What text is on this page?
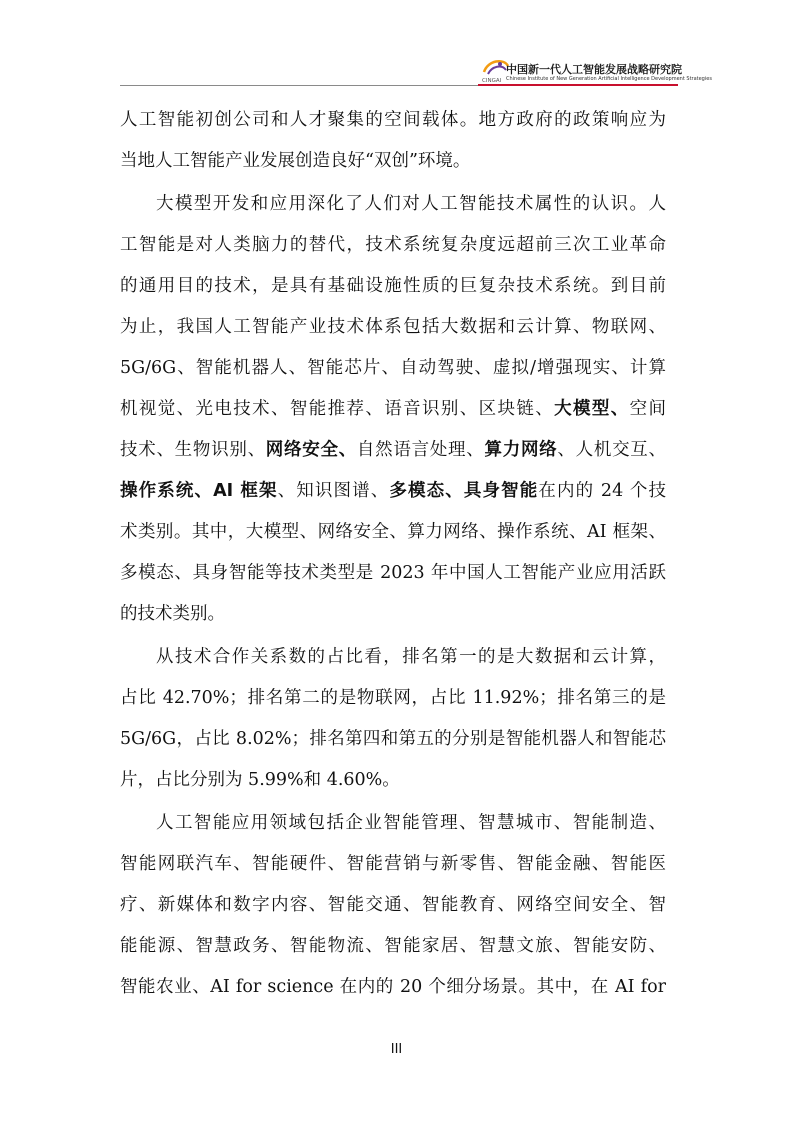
CINGAI
中国新一代人工智能发展战略研究院
Chinese Institute of New Generation Artificial Intelligence Development Strategies
人工智能初创公司和人才聚集的空间载体。地方政府的政策响应为
当地人工智能产业发展创造良好“双创”环境。
大模型开发和应用深化了人们对人工智能技术属性的认识。人
工智能是对人类脑力的替代，技术系统复杂度远超前三次工业革命
的通用目的技术，是具有基础设施性质的巨复杂技术系统。到目前
为止，我国人工智能产业技术体系包括大数据和云计算、物联网、
5G/6G、智能机器人、智能芯片、自动驾驶、虚拟/增强现实、计算
机视觉、光电技术、智能推荐、语音识别、区块链、大模型、空间
技术、生物识别、网络安全、自然语言处理、算力网络、人机交互、
操作系统、AI 框架、知识图谱、多模态、具身智能在内的 24 个技
术类别。其中，大模型、网络安全、算力网络、操作系统、AI 框架、
多模态、具身智能等技术类型是 2023 年中国人工智能产业应用活跃
的技术类别。
从技术合作关系数的占比看，排名第一的是大数据和云计算，
占比 42.70%；排名第二的是物联网，占比 11.92%；排名第三的是
5G/6G，占比 8.02%；排名第四和第五的分别是智能机器人和智能芯
片，占比分别为 5.99%和 4.60%。
人工智能应用领域包括企业智能管理、智慧城市、智能制造、
智能网联汽车、智能硬件、智能营销与新零售、智能金融、智能医
疗、新媒体和数字内容、智能交通、智能教育、网络空间安全、智
能能源、智慧政务、智能物流、智能家居、智慧文旅、智能安防、
智能农业、AI for science 在内的 20 个细分场景。其中，在 AI for
III
